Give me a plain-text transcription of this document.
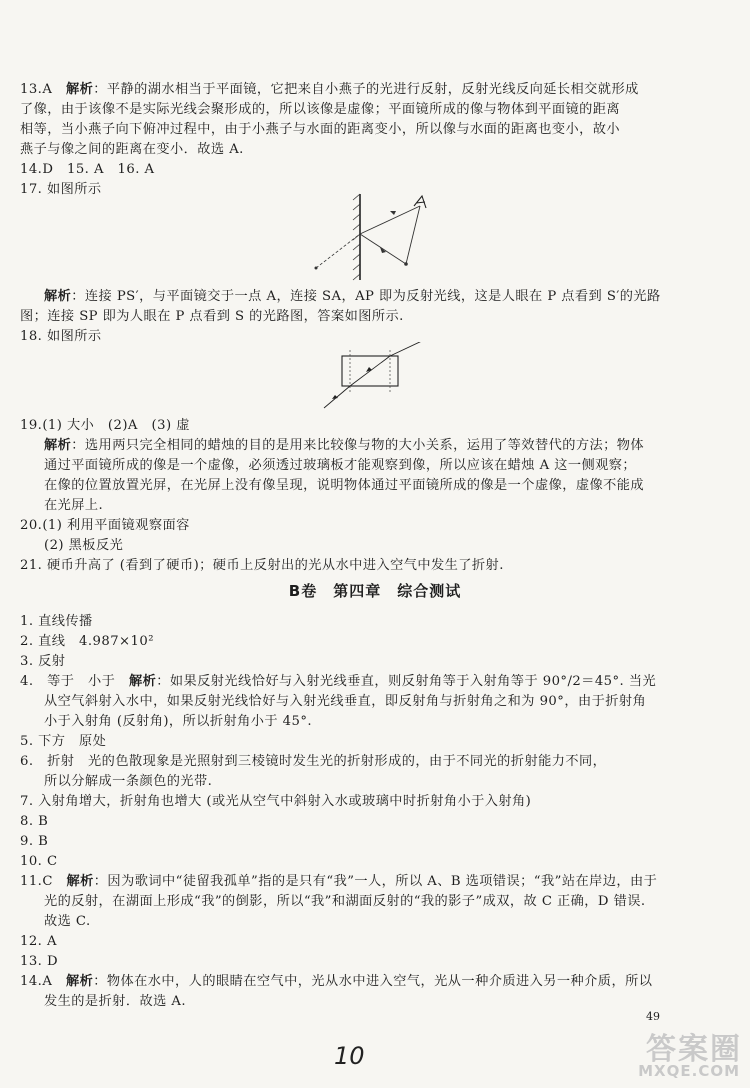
13.A　 解析：平静的湖水相当于平面镜，它把来自小燕子的光进行反射，反射光线反向延长相交就形成
了像，由于该像不是实际光线会聚形成的，所以该像是虚像；平面镜所成的像与物体到平面镜的距离
相等，当小燕子向下俯冲过程中，由于小燕子与水面的距离变小，所以像与水面的距离也变小，故小
燕子与像之间的距离在变小．故选 A.
14.D　15. A　16. A
17. 如图所示
解析：连接 PS′，与平面镜交于一点 A，连接 SA，AP 即为反射光线，这是人眼在 P 点看到 S′的光路
图；连接 SP 即为人眼在 P 点看到 S 的光路图，答案如图所示.
18. 如图所示
19.(1) 大小　(2)A　(3) 虚
解析：选用两只完全相同的蜡烛的目的是用来比较像与物的大小关系，运用了等效替代的方法；物体
通过平面镜所成的像是一个虚像，必须透过玻璃板才能观察到像，所以应该在蜡烛 A 这一侧观察；
在像的位置放置光屏，在光屏上没有像呈现，说明物体通过平面镜所成的像是一个虚像，虚像不能成
在光屏上.
20.(1) 利用平面镜观察面容
(2) 黑板反光
21. 硬币升高了 (看到了硬币)；硬币上反射出的光从水中进入空气中发生了折射.
B卷　第四章　综合测试
1. 直线传播
2. 直线　4.987×10²
3. 反射
4.　等于　小于　解析：如果反射光线恰好与入射光线垂直，则反射角等于入射角等于 90°/2＝45°. 当光
从空气斜射入水中，如果反射光线恰好与入射光线垂直，即反射角与折射角之和为 90°，由于折射角
小于入射角 (反射角)，所以折射角小于 45°.
5. 下方　原处
6.　折射　光的色散现象是光照射到三棱镜时发生光的折射形成的，由于不同光的折射能力不同，
所以分解成一条颜色的光带.
7. 入射角增大，折射角也增大 (或光从空气中斜射入水或玻璃中时折射角小于入射角)
8. B
9. B
10. C
11.C　解析：因为歌词中“徒留我孤单”指的是只有“我”一人，所以 A、B 选项错误；“我”站在岸边，由于
光的反射，在湖面上形成“我”的倒影，所以“我”和湖面反射的“我的影子”成双，故 C 正确，D 错误.
故选 C.
12. A
13. D
14.A　解析：物体在水中，人的眼睛在空气中，光从水中进入空气，光从一种介质进入另一种介质，所以
发生的是折射．故选 A.
49
10	答案圈
MXQE.COM
